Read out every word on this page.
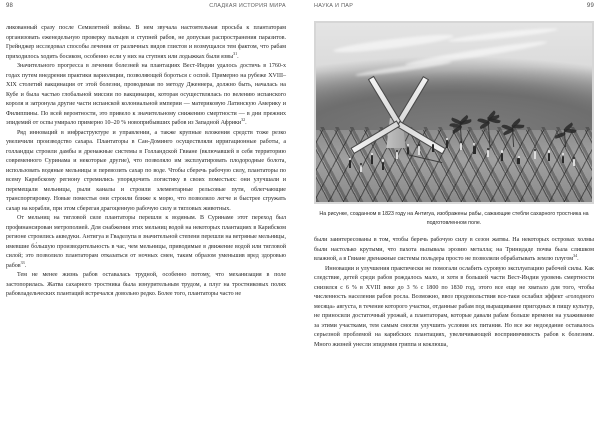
98	СЛАДКАЯ ИСТОРИЯ МИРА

ликованный сразу после Семилетней войны. В нем звучала настоятельная просьба к плантаторам организовать еженедельную проверку пальцев и ступней рабов, не допуская распространения паразитов. Грейнджер исследовал способы лечения от различных видов глистов и возмущался тем фактом, что рабам приходилось ходить босиком, особенно если у них на ступнях или лодыжках были язвы$^{31}$.

Значительного прогресса в лечении болезней на плантациях Вест-Индии удалось достичь в 1760-х годах путем внедрения практики вариоляции, позволяющей бороться с оспой. Примерно на рубеже XVIII–XIX столетий вакцинация от этой болезни, проводимая по методу Дженнера, должно быть, началась на Кубе и была частью глобальной миссии по вакцинации, которая осуществлялась по велению испанского короля и затронула другие части испанской колониальной империи — материковую Латинскую Америку и Филиппины. По всей вероятности, это привело к значительному снижению смертности — в дни прежних эпидемий от оспы умирало примерно 10–20 % новоприбывших рабов из Западной Африки$^{32}$.

Ряд инноваций в инфраструктуре и управлении, а также крупные вложения средств тоже резко увеличили производство сахара. Плантаторы в Сан-Доминго осуществляли ирригационные работы, а голландцы строили дамбы и дренажные системы в Голландской Гвиане (включавшей в себя территорию современного Суринама и некоторые другие), что позволяло им эксплуатировать плодородные болота, использовать водяные мельницы и перевозить сахар по воде. Чтобы сберечь рабочую силу, плантаторы по всему Карибскому региону стремились упорядочить логистику в своих поместьях: они улучшали и перемещали мельницы, рыли каналы и строили элементарные рельсовые пути, облегчающие транспортировку. Новые поместья они строили ближе к морю, что позволяло легче и быстрее сгружать сахар на корабли, при этом сберегая драгоценную рабочую силу и тягловых животных.

От мельниц на тягловой силе плантаторы перешли к водяным. В Суринаме этот переход был профинансирован метрополией. Для снабжения этих мельниц водой на некоторых плантациях в Карибском регионе строились акведуки. Антигуа и Гваделупа в значительной степени перешли на ветряные мельницы, имевшие бо́льшую производительность в час, чем мельницы, приводимые в движение водой или тягловой силой; это позволило плантаторам отказаться от ночных смен, таким образом уменьшив вред здоровью рабов$^{33}$.

Тем не менее жизнь рабов оставалась трудной, особенно потому, что механизация в поле застопорилась. Жатва сахарного тростника была изнурительным трудом, а плуг на тростниковых полях рабовладельческих плантаций встречался довольно редко. Более того, плантаторы часто не

НАУКА И ПАР	99
На рисунке, созданном в 1823 году на Антигуа, изображены рабы, сажающие стебли сахарного тростника на подготовленном поле.

были заинтересованы в том, чтобы беречь рабочую силу в сезон жатвы. На некоторых островах холмы были настолько крутыми, что пахота вызывала эрозию металла; на Тринидаде почва была слишком влажной, а в Гвиане дренажные системы польдера просто не позволяли обрабатывать землю плугом$^{34}$.

Инновации и улучшения практически не помогали ослабить суровую эксплуатацию рабочей силы. Как следствие, детей среди рабов рождалось мало, и хотя в большей части Вест-Индии уровень смертности снизился с 6 % в XVIII веке до 3 % с 1800 по 1830 год, этого все еще не хватало для того, чтобы численность населения рабов росла. Возможно, ввоз продовольствия все-таки ослабил эффект «голодного месяца» августа, в течение которого участки, отданные рабам под выращивание пригодных в пищу культур, не приносили достаточный урожай, а плантаторам, которые давали рабам больше времени на ухаживание за этими участками, тем самым смогли улучшить условия их питания. Но все же недоедание оставалось серьезной проблемой на карибских плантациях, увеличивающей восприимчивость рабов к болезням. Много жизней унесли эпидемия гриппа и коклюша,
